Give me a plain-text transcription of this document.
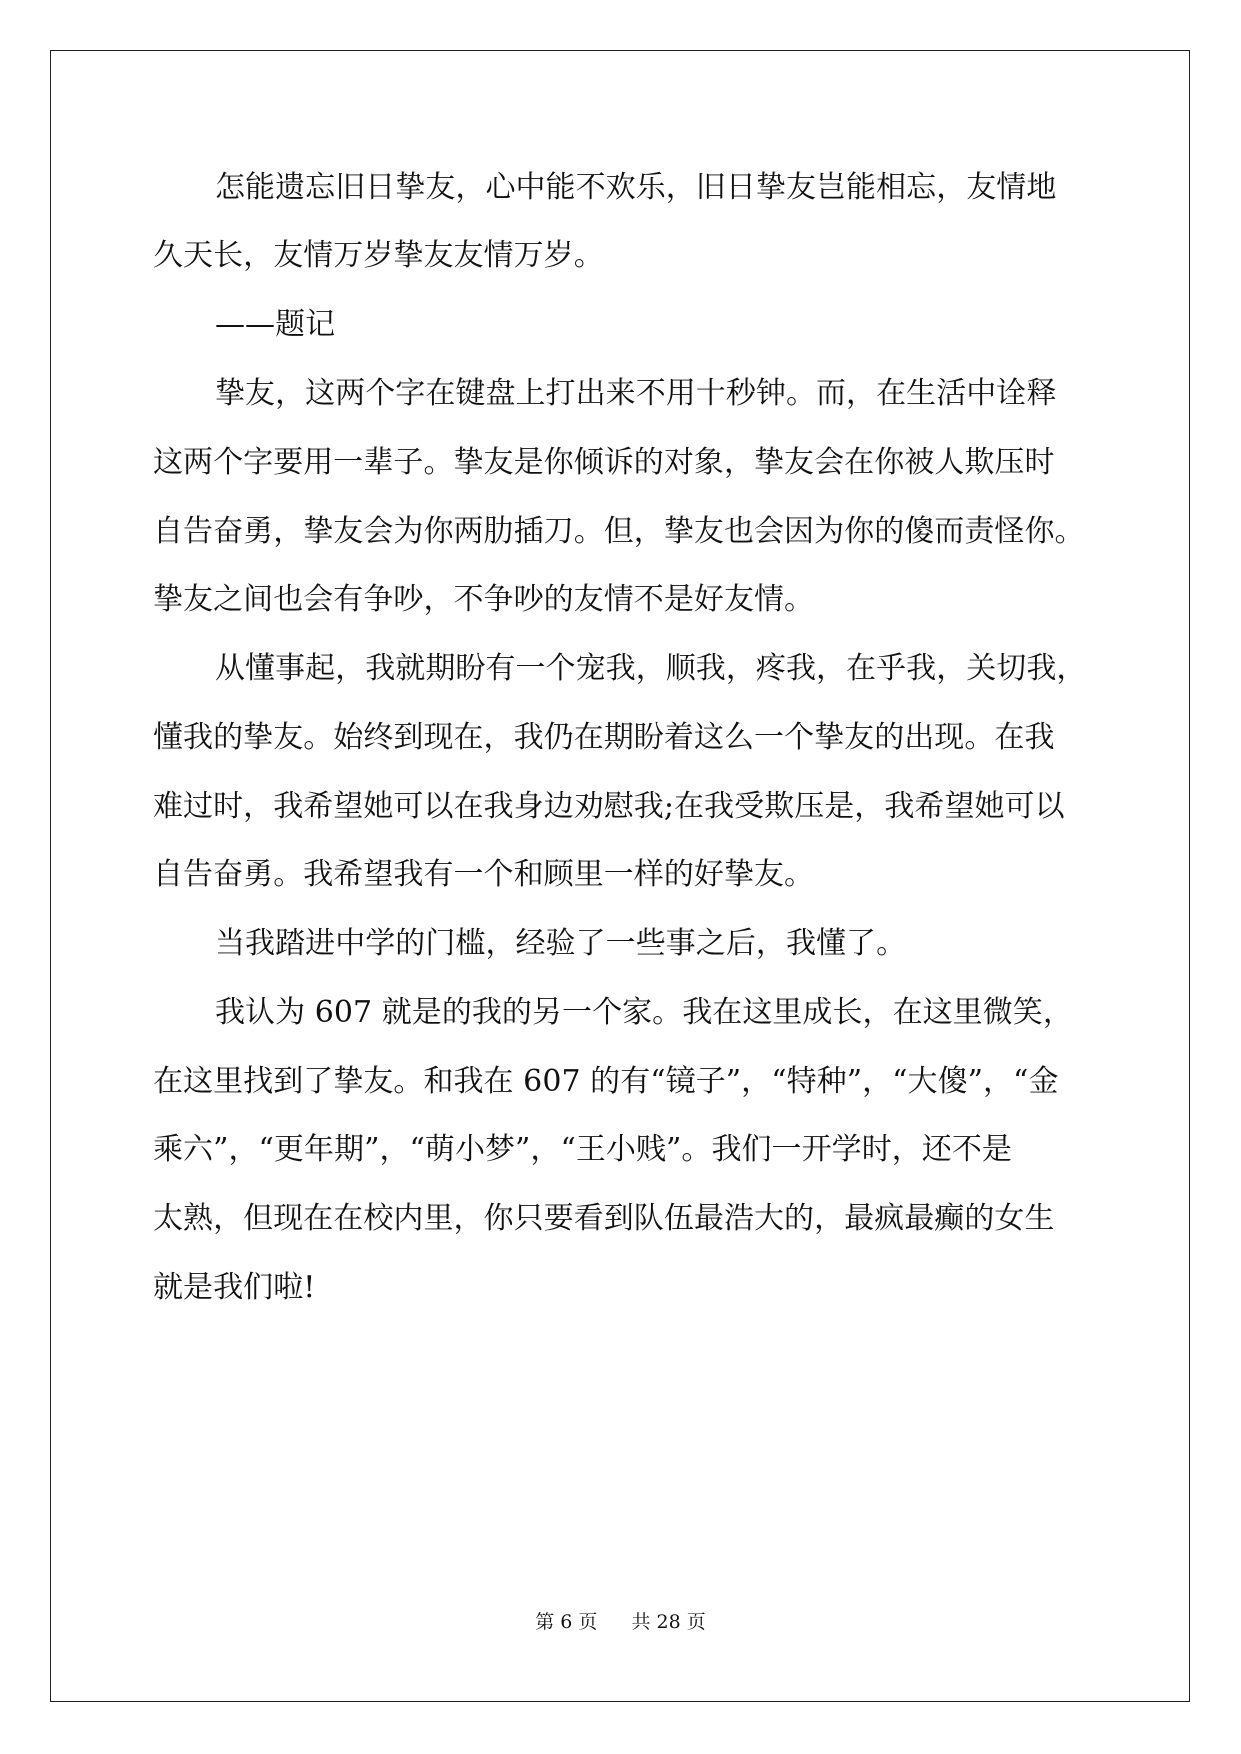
怎能遗忘旧日挚友，心中能不欢乐，旧日挚友岂能相忘，友情地
久天长，友情万岁挚友友情万岁。
——题记
挚友，这两个字在键盘上打出来不用十秒钟。而，在生活中诠释
这两个字要用一辈子。挚友是你倾诉的对象，挚友会在你被人欺压时
自告奋勇，挚友会为你两肋插刀。但，挚友也会因为你的傻而责怪你。
挚友之间也会有争吵，不争吵的友情不是好友情。
从懂事起，我就期盼有一个宠我，顺我，疼我，在乎我，关切我，
懂我的挚友。始终到现在，我仍在期盼着这么一个挚友的出现。在我
难过时，我希望她可以在我身边劝慰我;在我受欺压是，我希望她可以
自告奋勇。我希望我有一个和顾里一样的好挚友。
当我踏进中学的门槛，经验了一些事之后，我懂了。
我认为 607 就是的我的另一个家。我在这里成长，在这里微笑，
在这里找到了挚友。和我在 607 的有“镜子”，“特种”，“大傻”，“金
乘六”，“更年期”，“萌小梦”，“王小贱”。我们一开学时，还不是
太熟，但现在在校内里，你只要看到队伍最浩大的，最疯最癫的女生
就是我们啦!
第 6 页 共 28 页
